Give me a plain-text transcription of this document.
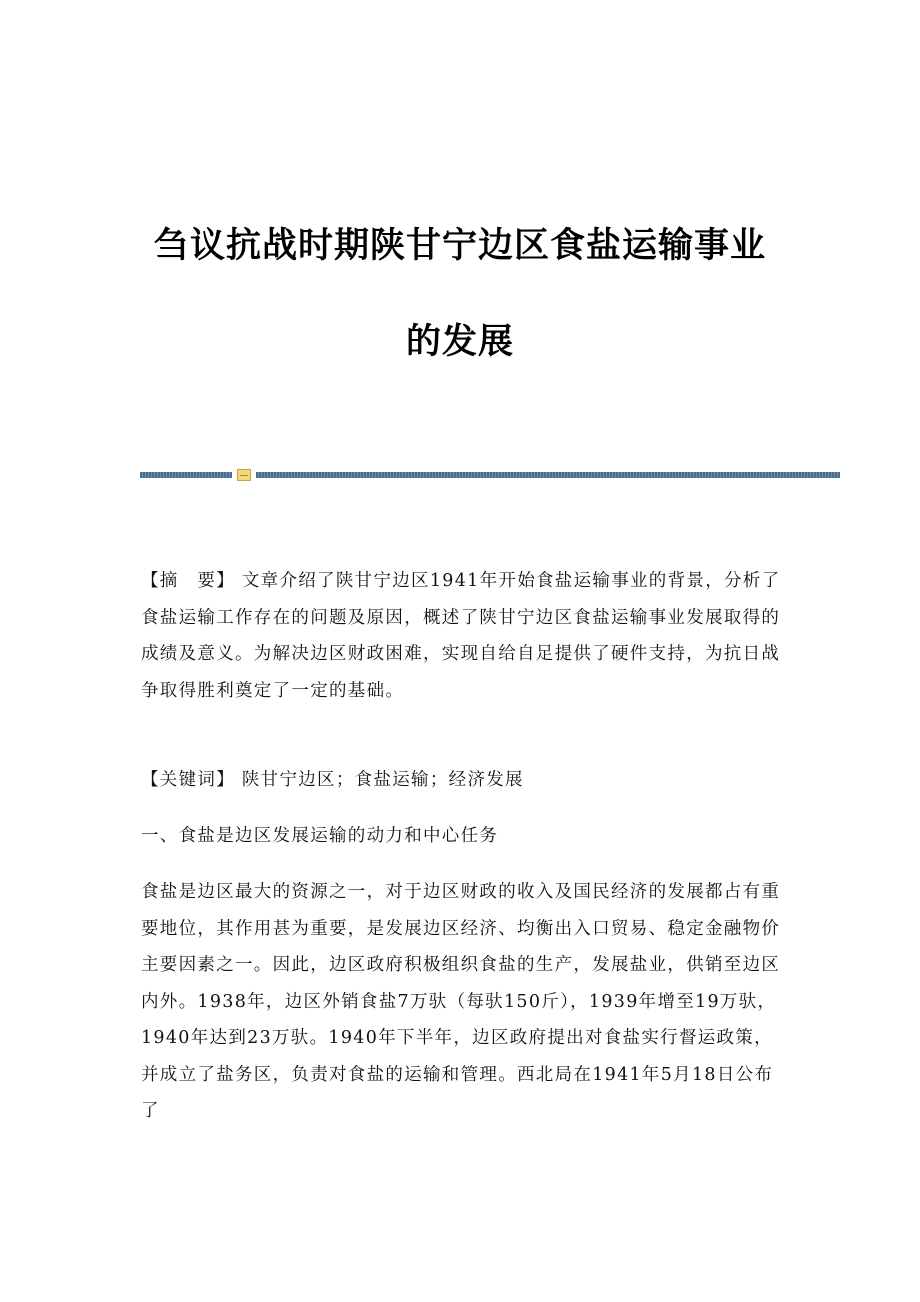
刍议抗战时期陕甘宁边区食盐运输事业
的发展

【摘　要】 文章介绍了陕甘宁边区1941年开始食盐运输事业的背景，分析了食盐运输工作存在的问题及原因，概述了陕甘宁边区食盐运输事业发展取得的成绩及意义。为解决边区财政困难，实现自给自足提供了硬件支持，为抗日战争取得胜利奠定了一定的基础。

【关键词】 陕甘宁边区；食盐运输；经济发展

一、食盐是边区发展运输的动力和中心任务

食盐是边区最大的资源之一，对于边区财政的收入及国民经济的发展都占有重要地位，其作用甚为重要，是发展边区经济、均衡出入口贸易、稳定金融物价主要因素之一。因此，边区政府积极组织食盐的生产，发展盐业，供销至边区内外。1938年，边区外销食盐7万驮（每驮150斤），1939年增至19万驮，1940年达到23万驮。1940年下半年，边区政府提出对食盐实行督运政策，并成立了盐务区，负责对食盐的运输和管理。西北局在1941年5月18日公布了
